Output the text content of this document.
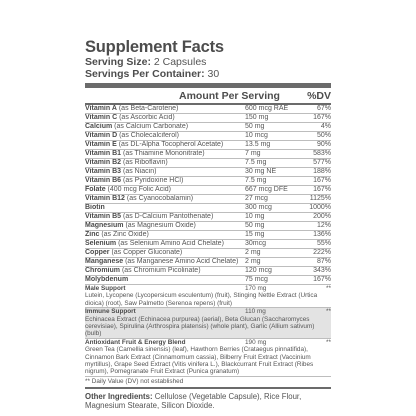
Supplement Facts
Serving Size: 2 Capsules
Servings Per Container: 30
Amount Per Serving	%DV
Vitamin A (as Beta-Carotene)	600 mcg RAE	67%
Vitamin C (as Ascorbic Acid)	150 mg	167%
Calcium (as Calcium Carbonate)	50 mg	4%
Vitamin D (as Cholecalciferol)	10 mcg	50%
Vitamin E (as DL-Alpha Tocopherol Acetate)	13.5 mg	90%
Vitamin B1 (as Thiamine Mononitrate)	7 mg	583%
Vitamin B2 (as Riboflavin)	7.5 mg	577%
Vitamin B3 (as Niacin)	30 mg NE	188%
Vitamin B6 (as Pyridoxine HCl)	7.5 mg	167%
Folate (400 mcg Folic Acid)	667 mcg DFE	167%
Vitamin B12 (as Cyanocobalamin)	27 mcg	1125%
Biotin	300 mcg	1000%
Vitamin B5 (as D-Calcium Pantothenate)	10 mg	200%
Magnesium (as Magnesium Oxide)	50 mg	12%
Zinc (as Zinc Oxide)	15 mg	136%
Selenium (as Selenium Amino Acid Chelate)	30mcg	55%
Copper (as Copper Gluconate)	2 mg	222%
Manganese (as Manganese Amino Acid Chelate) 2 mg	87%
Chromium (as Chromium Picolinate)	120 mcg	343%
Molybdenum	75 mcg	167%
Male Support	170 mg	**
Lutein, Lycopene (Lycopersicum esculentum) (fruit), Stinging Nettle Extract (Urtica dioica) (root), Saw Palmetto (Serenoa repens) (fruit)
Immune Support	110 mg	**
Echinacea Extract (Echinacea purpurea) (aerial), Beta Glucan (Saccharomyces cerevisiae), Spirulina (Arthrospira platensis) (whole plant), Garlic (Allium sativum) (bulb)
Antioxidant Fruit & Energy Blend	190 mg	**
Green Tea (Camellia sinensis) (leaf), Hawthorn Berries (Crataegus pinnatifida), Cinnamon Bark Extract (Cinnamomum cassia), Bilberry Fruit Extract (Vaccinium myrtillus), Grape Seed Extract (Vitis vinifera L.), Blackcurrant Fruit Extract (Ribes nigrum), Pomegranate Fruit Extract (Punica granatum)
** Daily Value (DV) not established
Other Ingredients: Cellulose (Vegetable Capsule), Rice Flour, Magnesium Stearate, Silicon Dioxide.
